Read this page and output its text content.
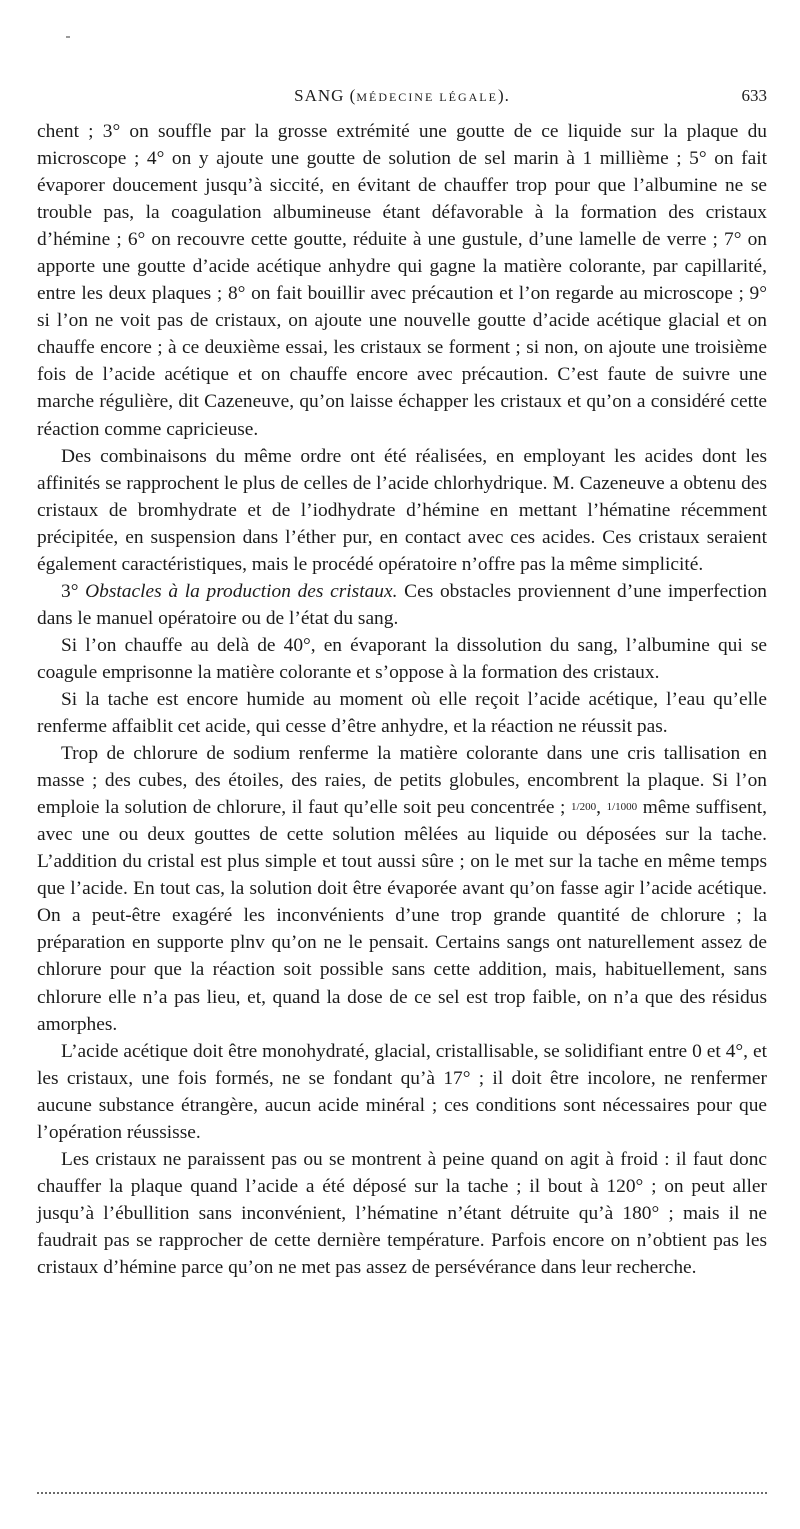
SANG (MÉDECINE LÉGALE).	633

chent ; 3° on souffle par la grosse extrémité une goutte de ce liquide sur la plaque du microscope ; 4° on y ajoute une goutte de solution de sel marin à 1 millième ; 5° on fait évaporer doucement jusqu’à siccité, en évitant de chauffer trop pour que l’albumine ne se trouble pas, la coagulation albumineuse étant défavorable à la formation des cristaux d’hémine ; 6° on recouvre cette goutte, réduite à une gustule, d’une lamelle de verre ; 7° on apporte une goutte d’acide acétique anhydre qui gagne la matière colorante, par capillarité, entre les deux plaques ; 8° on fait bouillir avec précaution et l’on regarde au microscope ; 9° si l’on ne voit pas de cristaux, on ajoute une nouvelle goutte d’acide acétique glacial et on chauffe encore ; à ce deuxième essai, les cristaux se forment ; si non, on ajoute une troisième fois de l’acide acétique et on chauffe encore avec précaution. C’est faute de suivre une marche régulière, dit Cazeneuve, qu’on laisse échapper les cristaux et qu’on a considéré cette réaction comme capricieuse.

Des combinaisons du même ordre ont été réalisées, en employant les acides dont les affinités se rapprochent le plus de celles de l’acide chlorhydrique. M. Cazeneuve a obtenu des cristaux de bromhydrate et de l’iodhydrate d’hémine en mettant l’hématine récemment précipitée, en suspension dans l’éther pur, en contact avec ces acides. Ces cristaux seraient également caractéristiques, mais le procédé opératoire n’offre pas la même simplicité.

3° Obstacles à la production des cristaux. Ces obstacles proviennent d’une imperfection dans le manuel opératoire ou de l’état du sang.

Si l’on chauffe au delà de 40°, en évaporant la dissolution du sang, l’albumine qui se coagule emprisonne la matière colorante et s’oppose à la formation des cristaux.

Si la tache est encore humide au moment où elle reçoit l’acide acétique, l’eau qu’elle renferme affaiblit cet acide, qui cesse d’être anhydre, et la réaction ne réussit pas.

Trop de chlorure de sodium renferme la matière colorante dans une cris tallisation en masse ; des cubes, des étoiles, des raies, de petits globules, encombrent la plaque. Si l’on emploie la solution de chlorure, il faut qu’elle soit peu concentrée ; 1/200, 1/1000 même suffisent, avec une ou deux gouttes de cette solution mêlées au liquide ou déposées sur la tache. L’addition du cristal est plus simple et tout aussi sûre ; on le met sur la tache en même temps que l’acide. En tout cas, la solution doit être évaporée avant qu’on fasse agir l’acide acétique. On a peut-être exagéré les inconvénients d’une trop grande quantité de chlorure ; la préparation en supporte plnv qu’on ne le pensait. Certains sangs ont naturellement assez de chlorure pour que la réaction soit possible sans cette addition, mais, habituellement, sans chlorure elle n’a pas lieu, et, quand la dose de ce sel est trop faible, on n’a que des résidus amorphes.

L’acide acétique doit être monohydraté, glacial, cristallisable, se solidifiant entre 0 et 4°, et les cristaux, une fois formés, ne se fondant qu’à 17° ; il doit être incolore, ne renfermer aucune substance étrangère, aucun acide minéral ; ces conditions sont nécessaires pour que l’opération réussisse.

Les cristaux ne paraissent pas ou se montrent à peine quand on agit à froid : il faut donc chauffer la plaque quand l’acide a été déposé sur la tache ; il bout à 120° ; on peut aller jusqu’à l’ébullition sans inconvénient, l’hématine n’étant détruite qu’à 180° ; mais il ne faudrait pas se rapprocher de cette dernière température. Parfois encore on n’obtient pas les cristaux d’hémine parce qu’on ne met pas assez de persévérance dans leur recherche.
